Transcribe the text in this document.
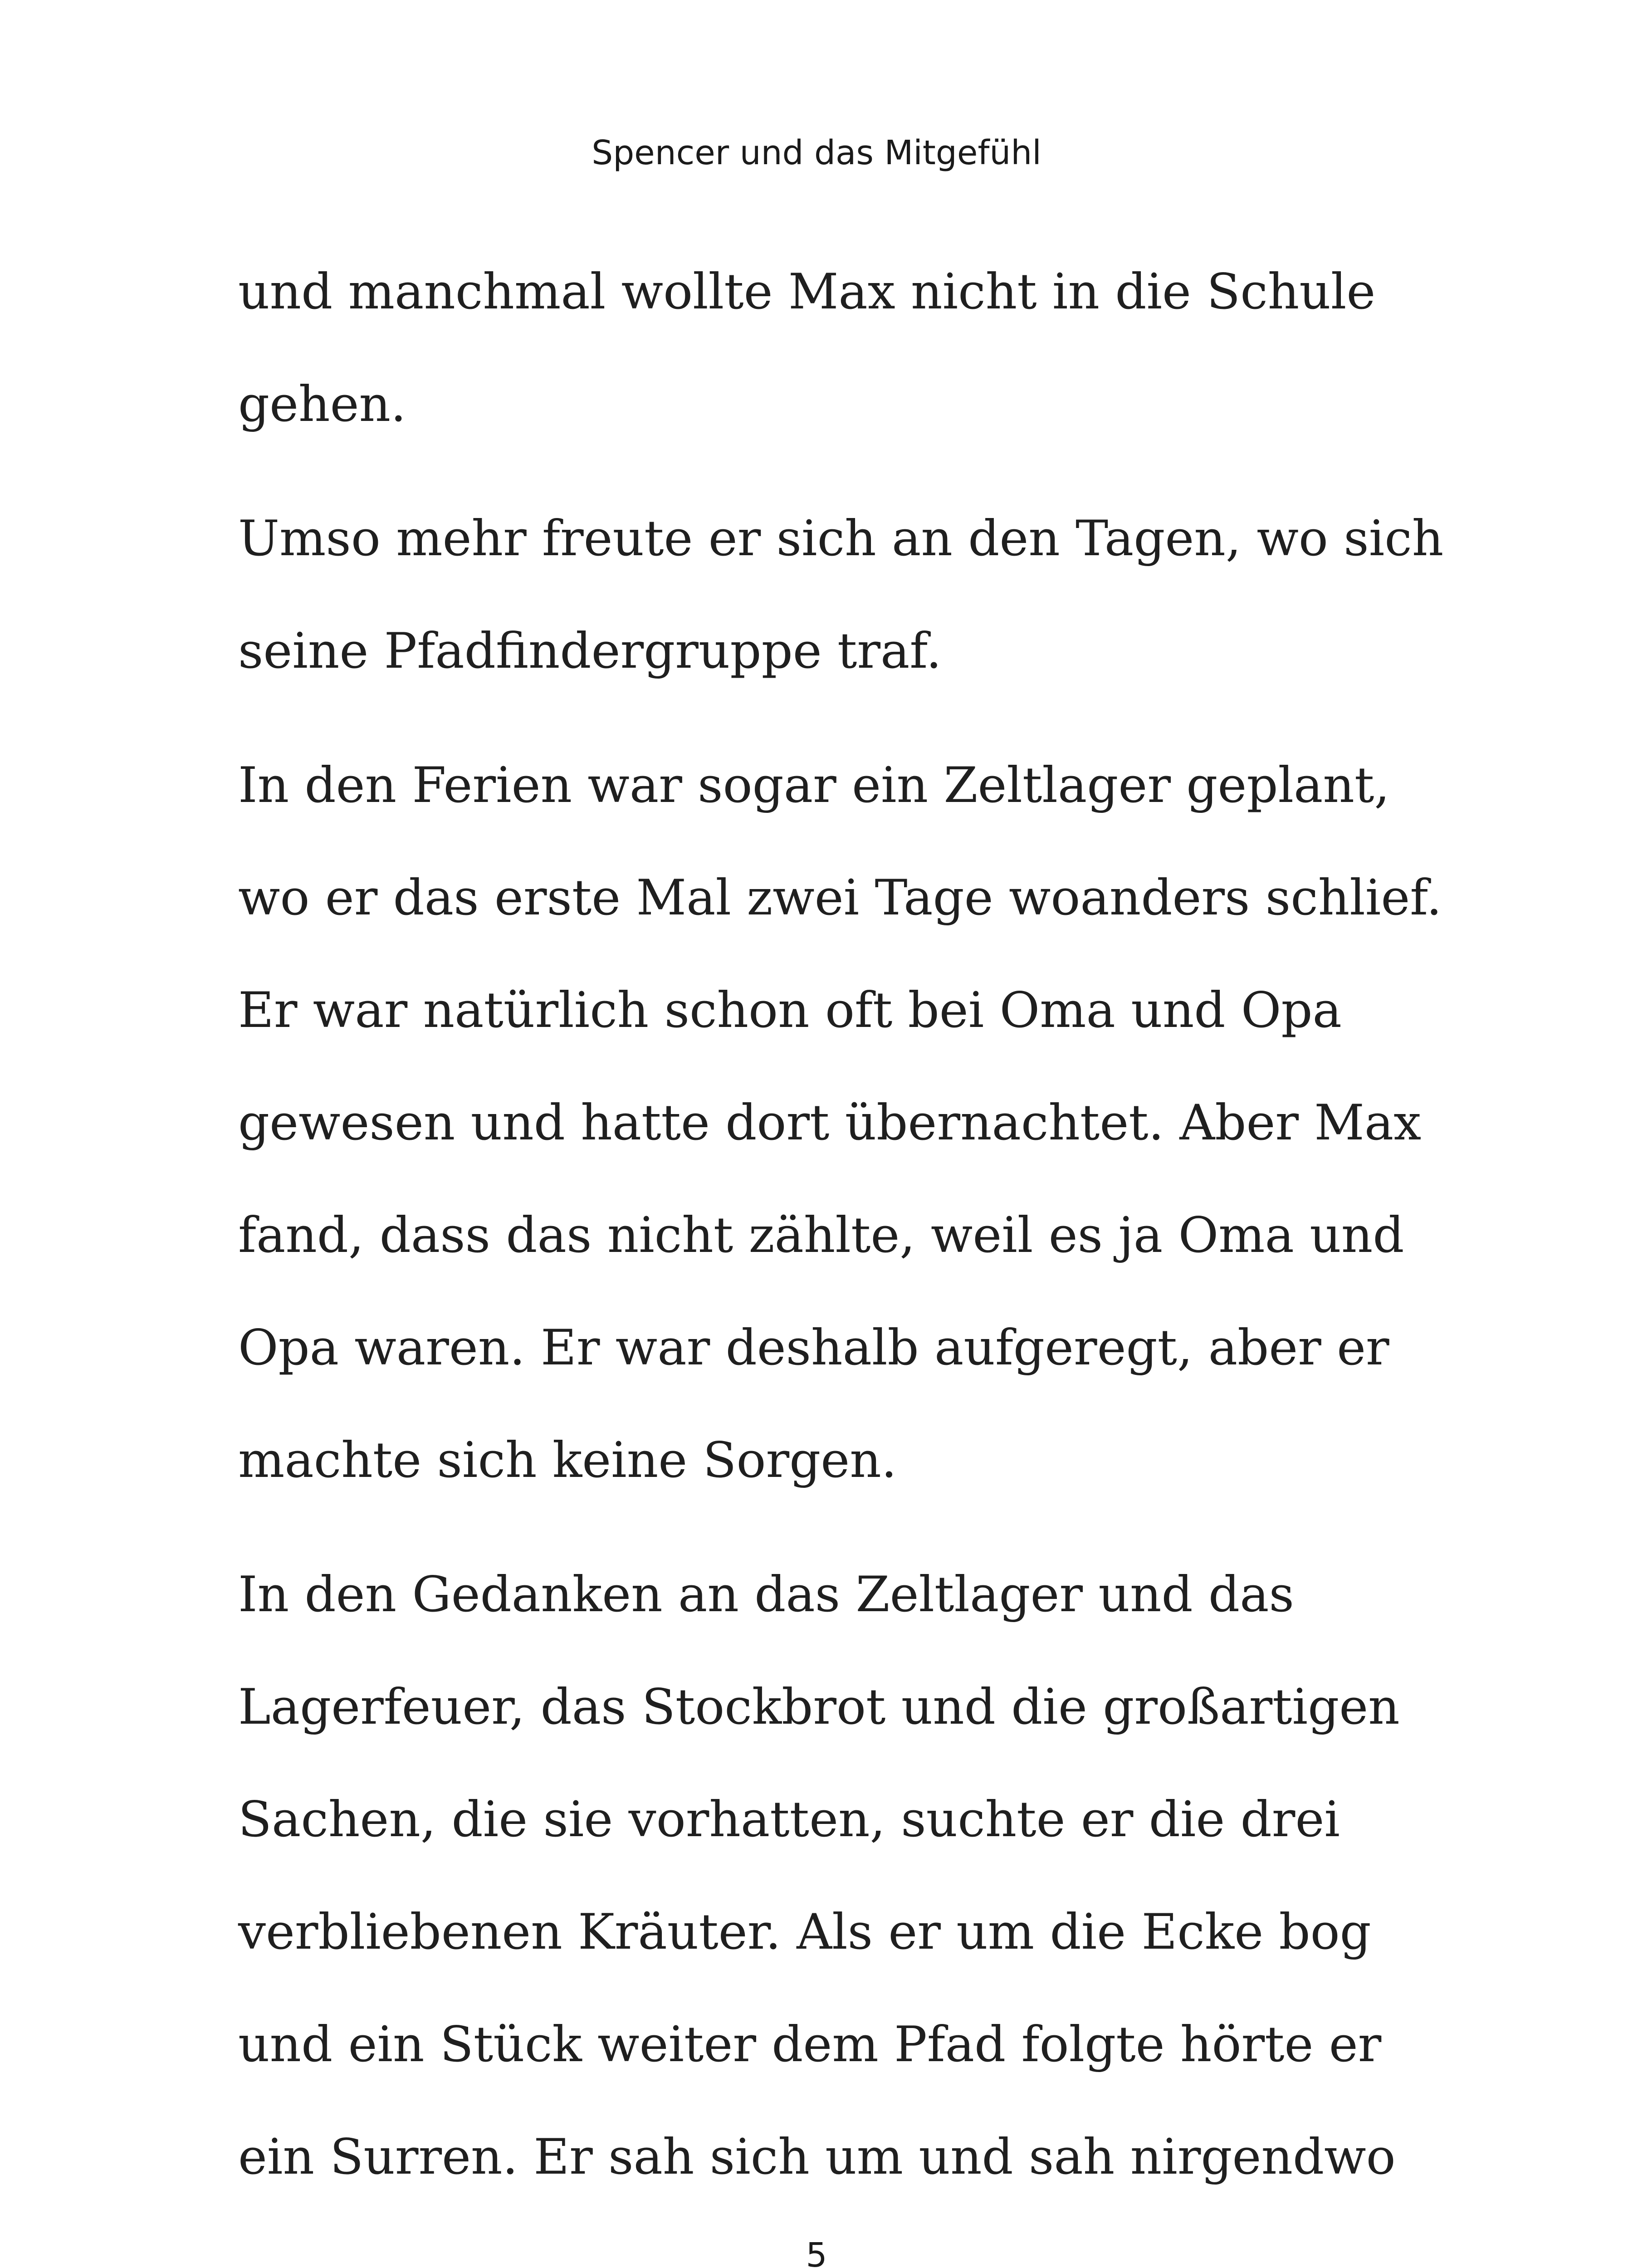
Spencer und das Mitgefühl

und manchmal wollte Max nicht in die Schule
gehen.

Umso mehr freute er sich an den Tagen, wo sich
seine Pfadfindergruppe traf.

In den Ferien war sogar ein Zeltlager geplant,
wo er das erste Mal zwei Tage woanders schlief.
Er war natürlich schon oft bei Oma und Opa
gewesen und hatte dort übernachtet. Aber Max
fand, dass das nicht zählte, weil es ja Oma und
Opa waren. Er war deshalb aufgeregt, aber er
machte sich keine Sorgen.

In den Gedanken an das Zeltlager und das
Lagerfeuer, das Stockbrot und die großartigen
Sachen, die sie vorhatten, suchte er die drei
verbliebenen Kräuter. Als er um die Ecke bog
und ein Stück weiter dem Pfad folgte hörte er
ein Surren. Er sah sich um und sah nirgendwo

5
